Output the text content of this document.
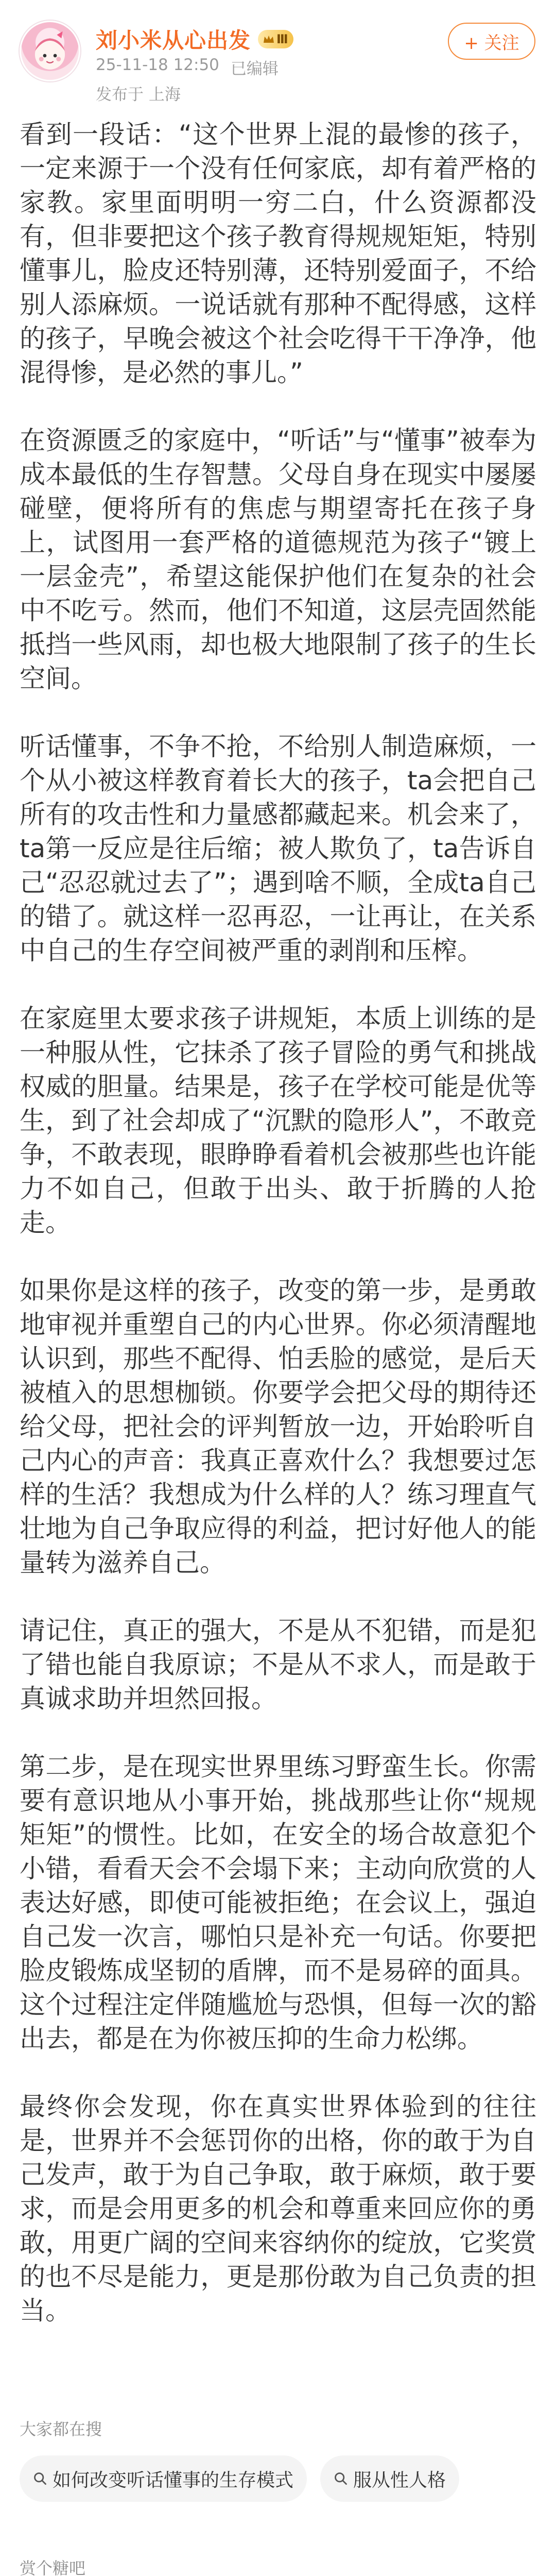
刘小米从心出发 Ⅲ
25-11-18 12:50 已编辑
发布于 上海
+ 关注

看到一段话：“这个世界上混的最惨的孩子，一定来源于一个没有任何家底，却有着严格的家教。家里面明明一穷二白，什么资源都没有，但非要把这个孩子教育得规规矩矩，特别懂事儿，脸皮还特别薄，还特别爱面子，不给别人添麻烦。一说话就有那种不配得感，这样的孩子，早晚会被这个社会吃得干干净净，他混得惨，是必然的事儿。”

在资源匮乏的家庭中，“听话”与“懂事”被奉为成本最低的生存智慧。父母自身在现实中屡屡碰壁，便将所有的焦虑与期望寄托在孩子身上，试图用一套严格的道德规范为孩子“镀上一层金壳”，希望这能保护他们在复杂的社会中不吃亏。然而，他们不知道，这层壳固然能抵挡一些风雨，却也极大地限制了孩子的生长空间。

听话懂事，不争不抢，不给别人制造麻烦，一个从小被这样教育着长大的孩子，ta会把自己所有的攻击性和力量感都藏起来。机会来了，ta第一反应是往后缩；被人欺负了，ta告诉自己“忍忍就过去了”；遇到啥不顺，全成ta自己的错了。就这样一忍再忍，一让再让，在关系中自己的生存空间被严重的剥削和压榨。

在家庭里太要求孩子讲规矩，本质上训练的是一种服从性，它抹杀了孩子冒险的勇气和挑战权威的胆量。结果是，孩子在学校可能是优等生，到了社会却成了“沉默的隐形人”，不敢竞争，不敢表现，眼睁睁看着机会被那些也许能力不如自己，但敢于出头、敢于折腾的人抢走。

如果你是这样的孩子，改变的第一步，是勇敢地审视并重塑自己的内心世界。你必须清醒地认识到，那些不配得、怕丢脸的感觉，是后天被植入的思想枷锁。你要学会把父母的期待还给父母，把社会的评判暂放一边，开始聆听自己内心的声音：我真正喜欢什么？我想要过怎样的生活？我想成为什么样的人？练习理直气壮地为自己争取应得的利益，把讨好他人的能量转为滋养自己。

请记住，真正的强大，不是从不犯错，而是犯了错也能自我原谅；不是从不求人，而是敢于真诚求助并坦然回报。

第二步，是在现实世界里练习野蛮生长。你需要有意识地从小事开始，挑战那些让你“规规矩矩”的惯性。比如，在安全的场合故意犯个小错，看看天会不会塌下来；主动向欣赏的人表达好感，即使可能被拒绝；在会议上，强迫自己发一次言，哪怕只是补充一句话。你要把脸皮锻炼成坚韧的盾牌，而不是易碎的面具。这个过程注定伴随尴尬与恐惧，但每一次的豁出去，都是在为你被压抑的生命力松绑。

最终你会发现，你在真实世界体验到的往往是，世界并不会惩罚你的出格，你的敢于为自己发声，敢于为自己争取，敢于麻烦，敢于要求，而是会用更多的机会和尊重来回应你的勇敢，用更广阔的空间来容纳你的绽放，它奖赏的也不尽是能力，更是那份敢为自己负责的担当。

大家都在搜
如何改变听话懂事的生存模式	服从性人格
赏个糖吧
